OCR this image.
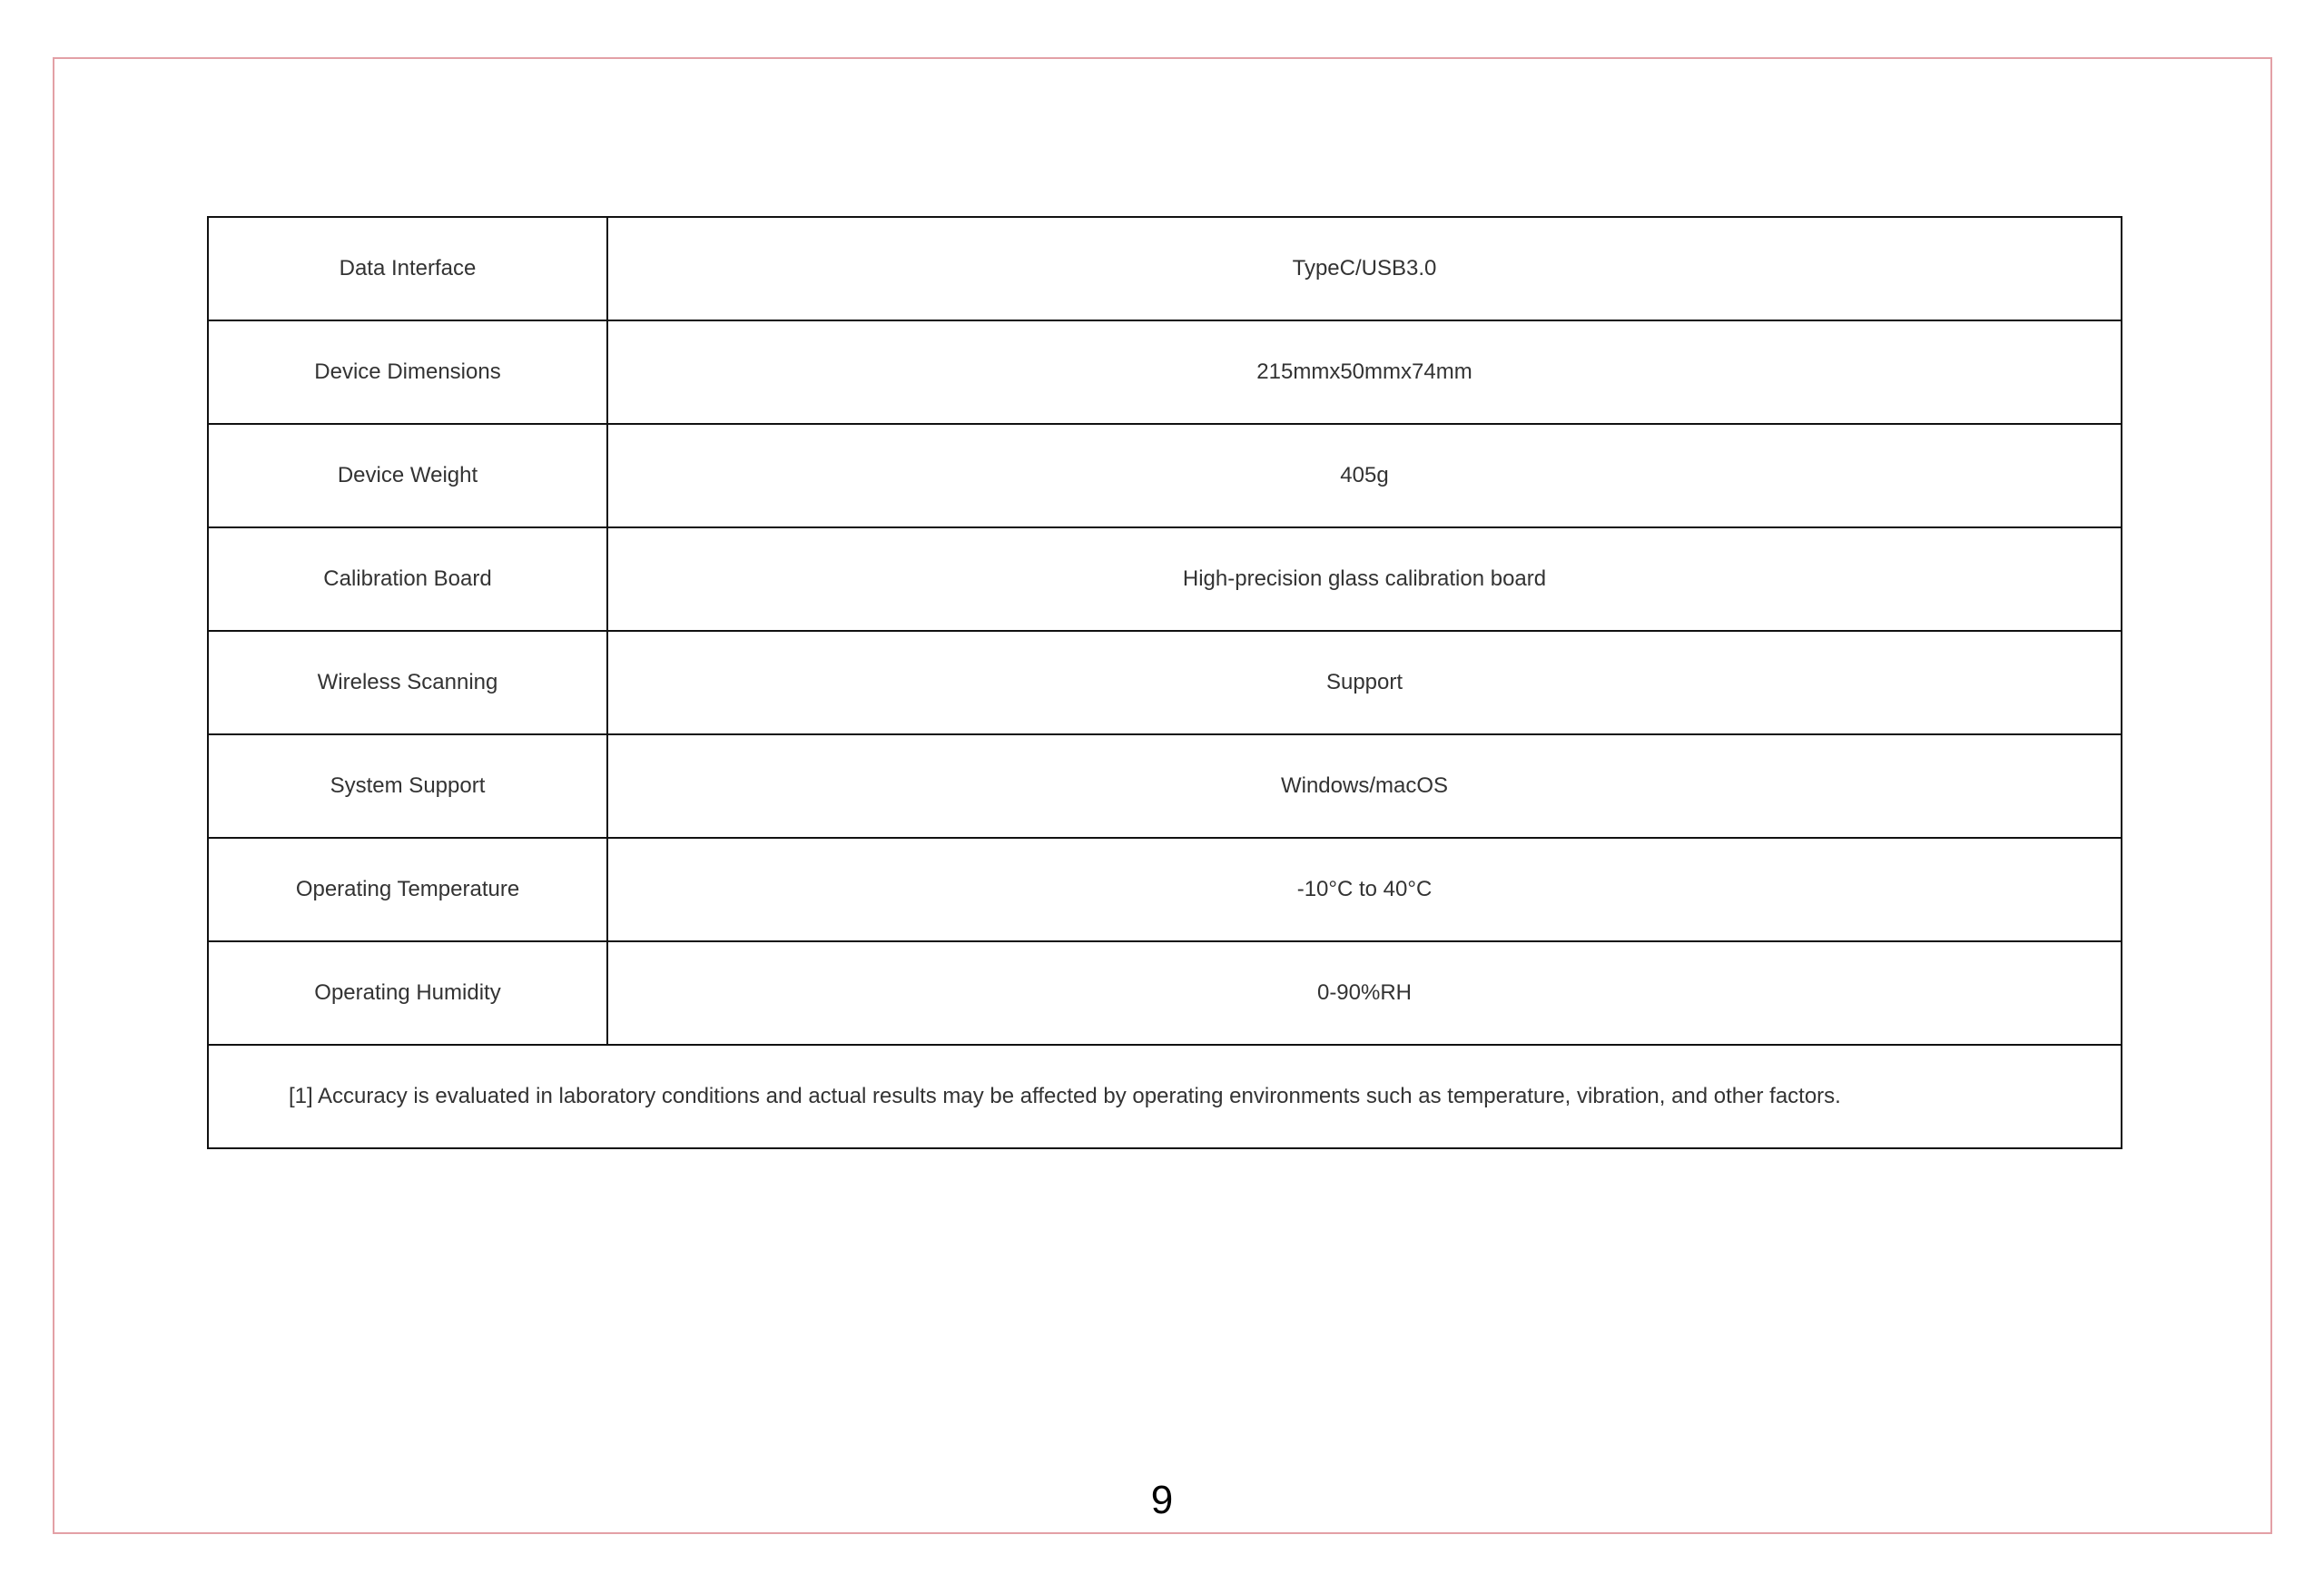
Data Interface	TypeC/USB3.0
Device Dimensions	215mmx50mmx74mm
Device Weight	405g
Calibration Board	High-precision glass calibration board
Wireless Scanning	Support
System Support	Windows/macOS
Operating Temperature	-10°C to 40°C
Operating Humidity	0-90%RH
[1] Accuracy is evaluated in laboratory conditions and actual results may be affected by operating environments such as temperature, vibration, and other factors.	
9
